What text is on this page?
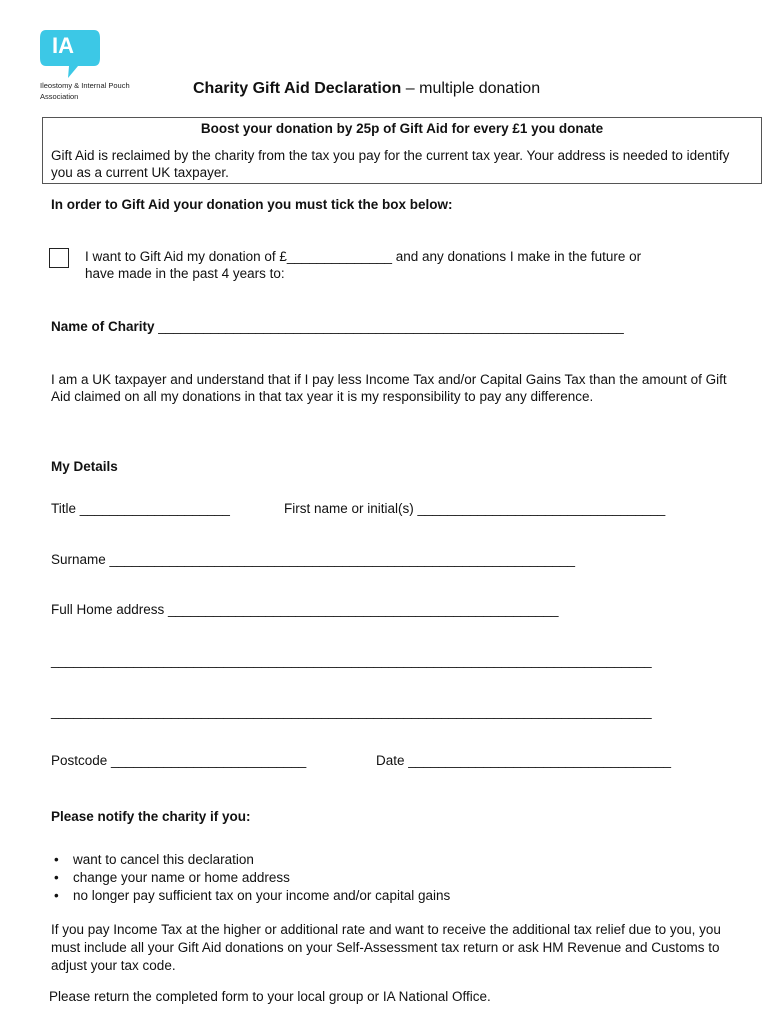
IA
Ileostomy & Internal Pouch
Association	Charity Gift Aid Declaration – multiple donation
Boost your donation by 25p of Gift Aid for every £1 you donate
Gift Aid is reclaimed by the charity from the tax you pay for the current tax year. Your address is needed to identify you as a current UK taxpayer.
In order to Gift Aid your donation you must tick the box below:
I want to Gift Aid my donation of £______________ and any donations I make in the future or
have made in the past 4 years to:
Name of Charity ______________________________________________________________
I am a UK taxpayer and understand that if I pay less Income Tax and/or Capital Gains Tax than the amount of Gift Aid claimed on all my donations in that tax year it is my responsibility to pay any difference.
My Details
Title ____________________	First name or initial(s) _________________________________
Surname ______________________________________________________________
Full Home address ____________________________________________________
________________________________________________________________________________
________________________________________________________________________________
Postcode __________________________	Date ___________________________________
Please notify the charity if you:
• want to cancel this declaration
• change your name or home address
• no longer pay sufficient tax on your income and/or capital gains
If you pay Income Tax at the higher or additional rate and want to receive the additional tax relief due to you, you must include all your Gift Aid donations on your Self-Assessment tax return or ask HM Revenue and Customs to adjust your tax code.
Please return the completed form to your local group or IA National Office.
